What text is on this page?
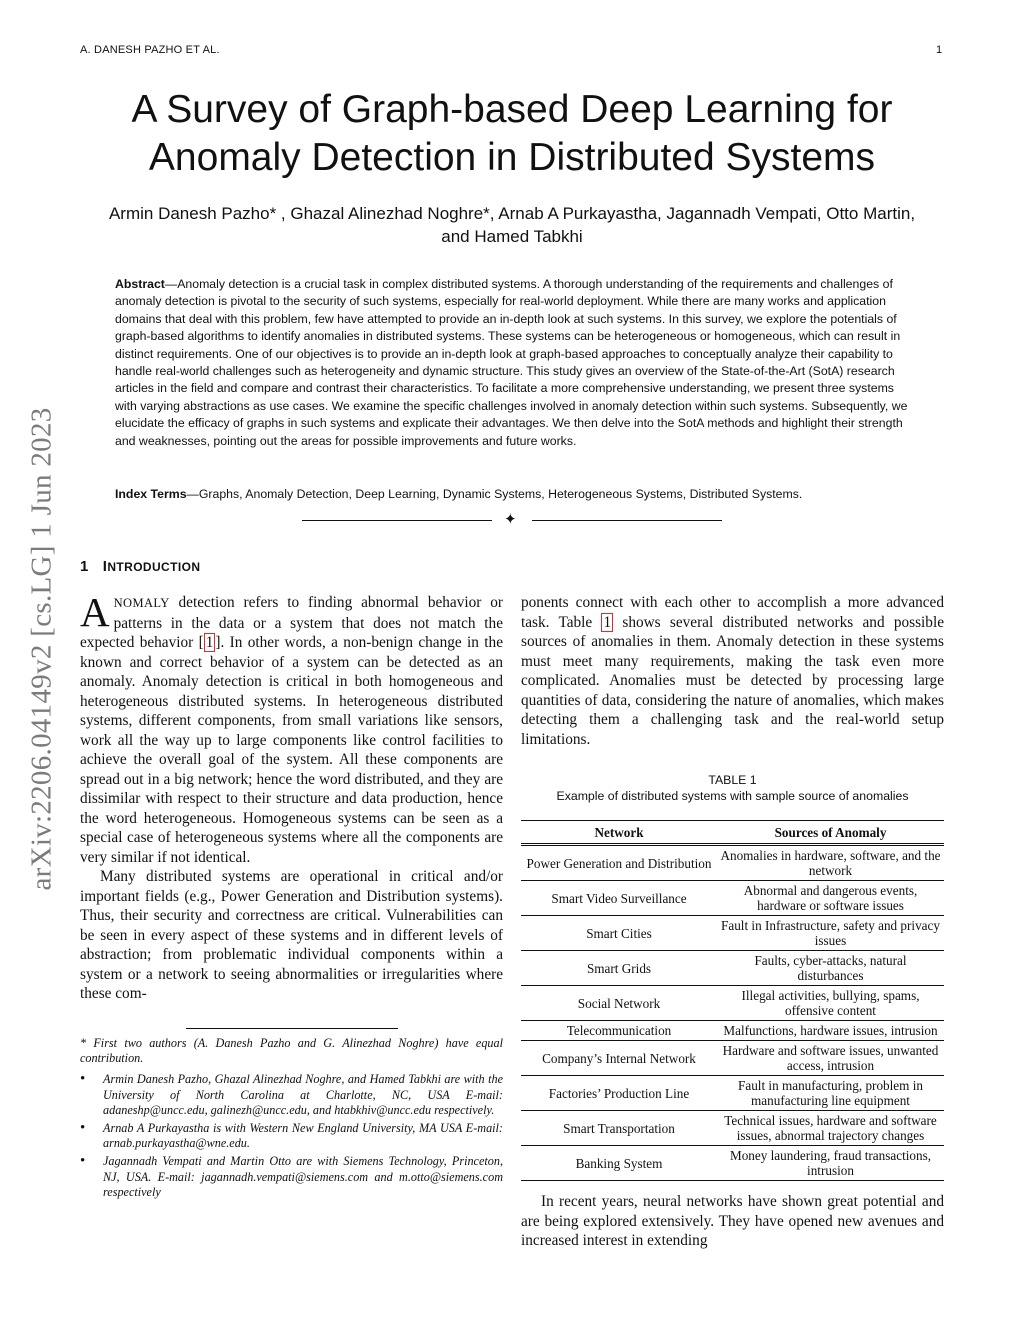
A. DANESH PAZHO ET AL.	1
arXiv:2206.04149v2 [cs.LG] 1 Jun 2023
A Survey of Graph-based Deep Learning for Anomaly Detection in Distributed Systems
Armin Danesh Pazho* , Ghazal Alinezhad Noghre*, Arnab A Purkayastha, Jagannadh Vempati, Otto Martin, and Hamed Tabkhi
Abstract—Anomaly detection is a crucial task in complex distributed systems. A thorough understanding of the requirements and challenges of anomaly detection is pivotal to the security of such systems, especially for real-world deployment. While there are many works and application domains that deal with this problem, few have attempted to provide an in-depth look at such systems. In this survey, we explore the potentials of graph-based algorithms to identify anomalies in distributed systems. These systems can be heterogeneous or homogeneous, which can result in distinct requirements. One of our objectives is to provide an in-depth look at graph-based approaches to conceptually analyze their capability to handle real-world challenges such as heterogeneity and dynamic structure. This study gives an overview of the State-of-the-Art (SotA) research articles in the field and compare and contrast their characteristics. To facilitate a more comprehensive understanding, we present three systems with varying abstractions as use cases. We examine the specific challenges involved in anomaly detection within such systems. Subsequently, we elucidate the efficacy of graphs in such systems and explicate their advantages. We then delve into the SotA methods and highlight their strength and weaknesses, pointing out the areas for possible improvements and future works.
Index Terms—Graphs, Anomaly Detection, Deep Learning, Dynamic Systems, Heterogeneous Systems, Distributed Systems.
✦
1 INTRODUCTION

ANOMALY detection refers to finding abnormal behavior or patterns in the data or a system that does not match the expected behavior [ 1 ]. In other words, a non-benign change in the known and correct behavior of a system can be detected as an anomaly. Anomaly detection is critical in both homogeneous and heterogeneous distributed systems. In heterogeneous distributed systems, different components, from small variations like sensors, work all the way up to large components like control facilities to achieve the overall goal of the system. All these components are spread out in a big network; hence the word distributed, and they are dissimilar with respect to their structure and data production, hence the word heterogeneous. Homogeneous systems can be seen as a special case of heterogeneous systems where all the components are very similar if not identical.

Many distributed systems are operational in critical and/or important fields (e.g., Power Generation and Distribution systems). Thus, their security and correctness are critical. Vulnerabilities can be seen in every aspect of these systems and in different levels of abstraction; from problematic individual components within a system or a network to seeing abnormalities or irregularities where these com-

* First two authors (A. Danesh Pazho and G. Alinezhad Noghre) have equal contribution.

• Armin Danesh Pazho, Ghazal Alinezhad Noghre, and Hamed Tabkhi are with the University of North Carolina at Charlotte, NC, USA E-mail: adaneshp@uncc.edu, galinezh@uncc.edu, and htabkhiv@uncc.edu respectively.
• Arnab A Purkayastha is with Western New England University, MA USA E-mail: arnab.purkayastha@wne.edu.
• Jagannadh Vempati and Martin Otto are with Siemens Technology, Princeton, NJ, USA. E-mail: jagannadh.vempati@siemens.com and m.otto@siemens.com respectively

ponents connect with each other to accomplish a more advanced task. Table 1 shows several distributed networks and possible sources of anomalies in them. Anomaly detection in these systems must meet many requirements, making the task even more complicated. Anomalies must be detected by processing large quantities of data, considering the nature of anomalies, which makes detecting them a challenging task and the real-world setup limitations.

TABLE 1
Example of distributed systems with sample source of anomalies
Network	Sources of Anomaly
Power Generation and Distribution	Anomalies in hardware, software, and the network
Smart Video Surveillance	Abnormal and dangerous events, hardware or software issues
Smart Cities	Fault in Infrastructure, safety and privacy issues
Smart Grids	Faults, cyber-attacks, natural disturbances
Social Network	Illegal activities, bullying, spams, offensive content
Telecommunication	Malfunctions, hardware issues, intrusion
Company’s Internal Network	Hardware and software issues, unwanted access, intrusion
Factories’ Production Line	Fault in manufacturing, problem in manufacturing line equipment
Smart Transportation	Technical issues, hardware and software issues, abnormal trajectory changes
Banking System	Money laundering, fraud transactions, intrusion

In recent years, neural networks have shown great potential and are being explored extensively. They have opened new avenues and increased interest in extending
